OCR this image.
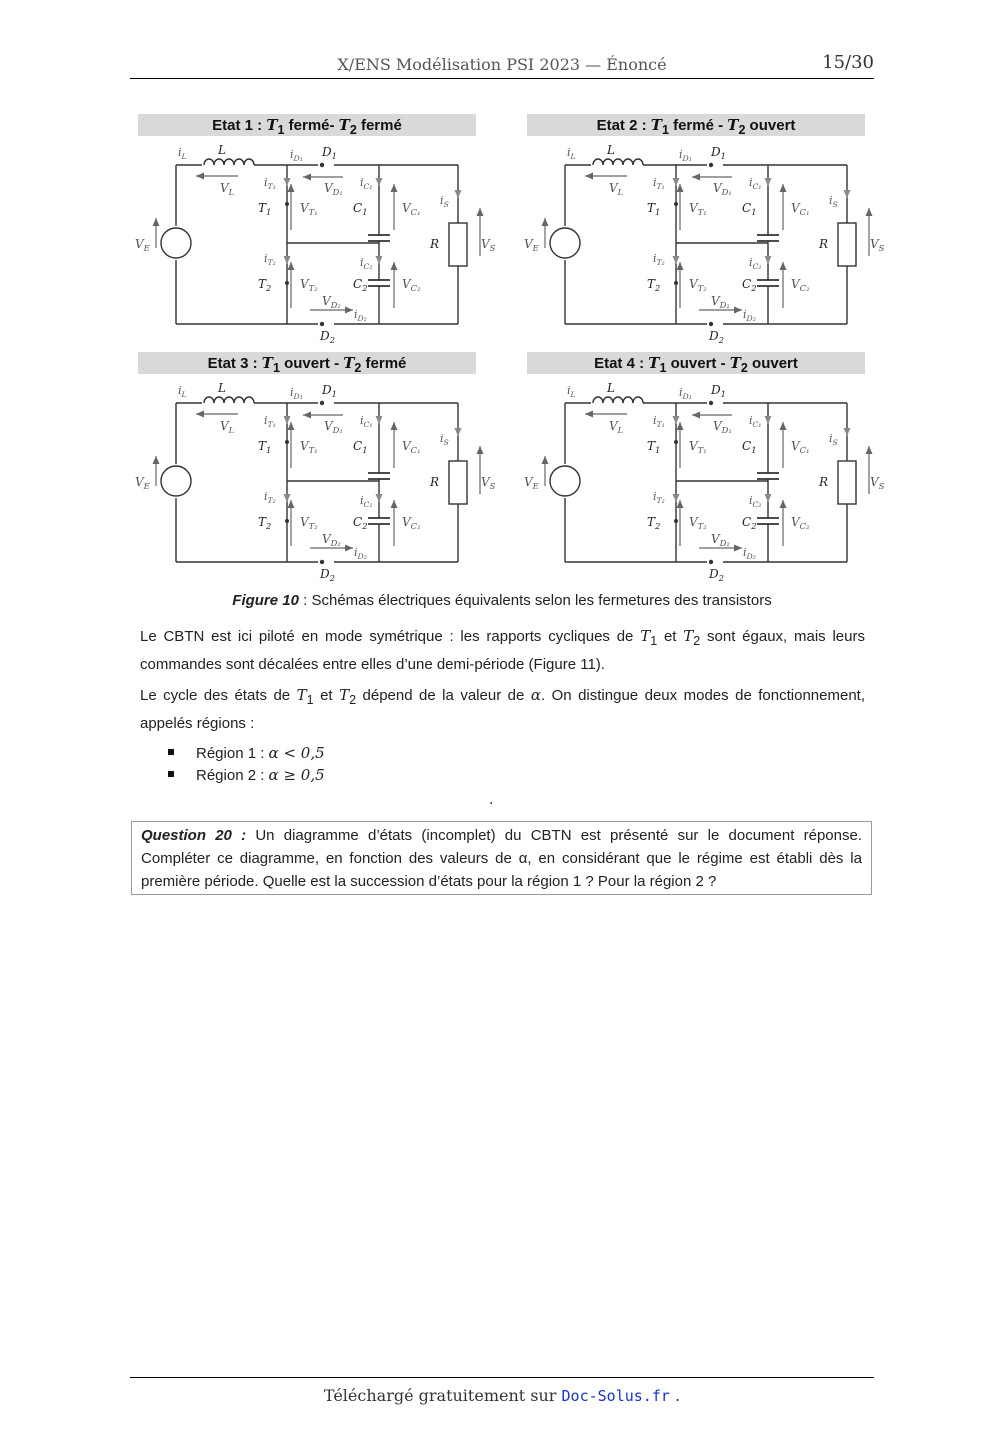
X/ENS Modélisation PSI 2023 — Énoncé	15/30
Etat 1 : $T_1$ fermé- $T_2$ fermé
$i_L$	L	$i_{D_1}$ $D_1$
$V_L$
$i_{T_1}$	$V_{D_1}$
$i_{C_1}$
$T_1$ $V_{T_1}$	$C_1$	$V_{C_1}$
$i_S$
$V_E$	R	$V_S$
$i_{T_2}$	$i_{C_2}$
$T_2$ $V_{T_2}$	$C_2$	$V_{C_2}$
$V_{D_2}$
$i_{D_2}$
$D_2$
Etat 2 : $T_1$ fermé - $T_2$ ouvert
$i_L$	L	$i_{D_1}$ $D_1$
$V_L$
$i_{T_1}$	$V_{D_1}$
$i_{C_1}$
$T_1$ $V_{T_1}$	$C_1$	$V_{C_1}$
$i_S$
$V_E$	R	$V_S$
$i_{T_2}$	$i_{C_2}$
$T_2$ $V_{T_2}$	$C_2$	$V_{C_2}$
$V_{D_2}$
$i_{D_2}$
$D_2$
Etat 3 : $T_1$ ouvert - $T_2$ fermé
$i_L$	L	$i_{D_1}$ $D_1$
$V_L$
$i_{T_1}$	$V_{D_1}$
$i_{C_1}$
$T_1$ $V_{T_1}$	$C_1$	$V_{C_1}$
$i_S$
$V_E$	R	$V_S$
$i_{T_2}$	$i_{C_2}$
$T_2$ $V_{T_2}$	$C_2$	$V_{C_2}$
$V_{D_2}$
$i_{D_2}$
$D_2$
Etat 4 : $T_1$ ouvert - $T_2$ ouvert
$i_L$	L	$i_{D_1}$ $D_1$
$V_L$
$i_{T_1}$	$V_{D_1}$
$i_{C_1}$
$T_1$ $V_{T_1}$	$C_1$	$V_{C_1}$
$i_S$
$V_E$	R	$V_S$
$i_{T_2}$	$i_{C_2}$
$T_2$ $V_{T_2}$	$C_2$	$V_{C_2}$
$V_{D_2}$
$i_{D_2}$
$D_2$
Figure 10 : Schémas électriques équivalents selon les fermetures des transistors
Le CBTN est ici piloté en mode symétrique : les rapports cycliques de $T_1$ et $T_2$ sont égaux, mais leurs commandes sont décalées entre elles d’une demi-période (Figure 11).
Le cycle des états de $T_1$ et $T_2$ dépend de la valeur de α. On distingue deux modes de fonctionnement, appelés régions :
Région 1 : α < 0,5
Région 2 : α ≥ 0,5
·
Question 20 : Un diagramme d’états (incomplet) du CBTN est présenté sur le document réponse. Compléter ce diagramme, en fonction des valeurs de α, en considérant que le régime est établi dès la première période. Quelle est la succession d’états pour la région 1 ? Pour la région 2 ?
Téléchargé gratuitement sur Doc-Solus.fr .
